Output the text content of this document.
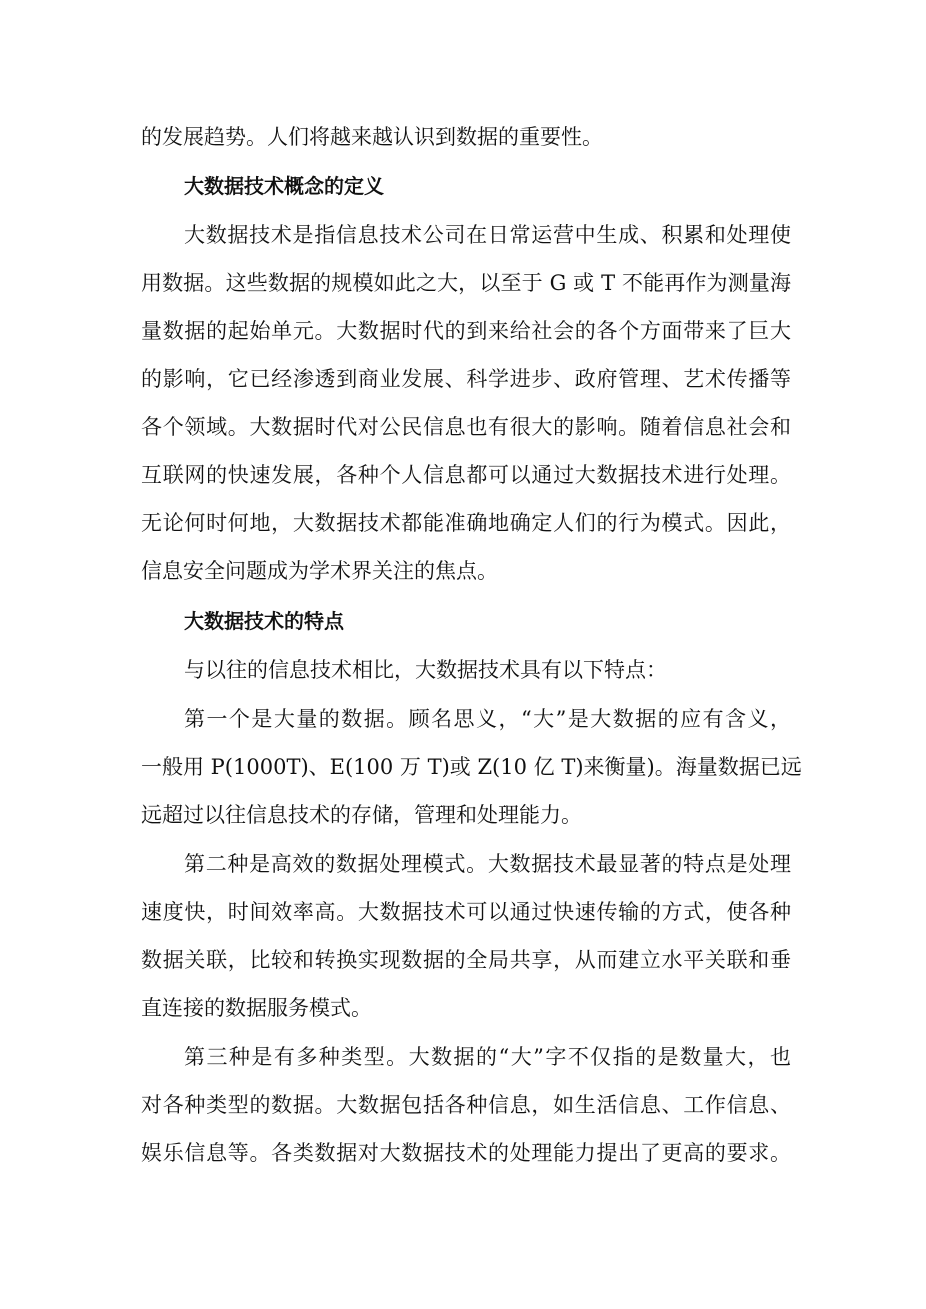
的发展趋势。人们将越来越认识到数据的重要性。
大数据技术概念的定义
大数据技术是指信息技术公司在日常运营中生成、积累和处理使
用数据。这些数据的规模如此之大，以至于 G 或 T 不能再作为测量海
量数据的起始单元。大数据时代的到来给社会的各个方面带来了巨大
的影响，它已经渗透到商业发展、科学进步、政府管理、艺术传播等
各个领域。大数据时代对公民信息也有很大的影响。随着信息社会和
互联网的快速发展，各种个人信息都可以通过大数据技术进行处理。
无论何时何地，大数据技术都能准确地确定人们的行为模式。因此，
信息安全问题成为学术界关注的焦点。
大数据技术的特点
与以往的信息技术相比，大数据技术具有以下特点：
第一个是大量的数据。顾名思义，“大”是大数据的应有含义，
一般用 P(1000T)、E(100 万 T)或 Z(10 亿 T)来衡量)。海量数据已远
远超过以往信息技术的存储，管理和处理能力。
第二种是高效的数据处理模式。大数据技术最显著的特点是处理
速度快，时间效率高。大数据技术可以通过快速传输的方式，使各种
数据关联，比较和转换实现数据的全局共享，从而建立水平关联和垂
直连接的数据服务模式。
第三种是有多种类型。大数据的“大”字不仅指的是数量大，也
对各种类型的数据。大数据包括各种信息，如生活信息、工作信息、
娱乐信息等。各类数据对大数据技术的处理能力提出了更高的要求。
